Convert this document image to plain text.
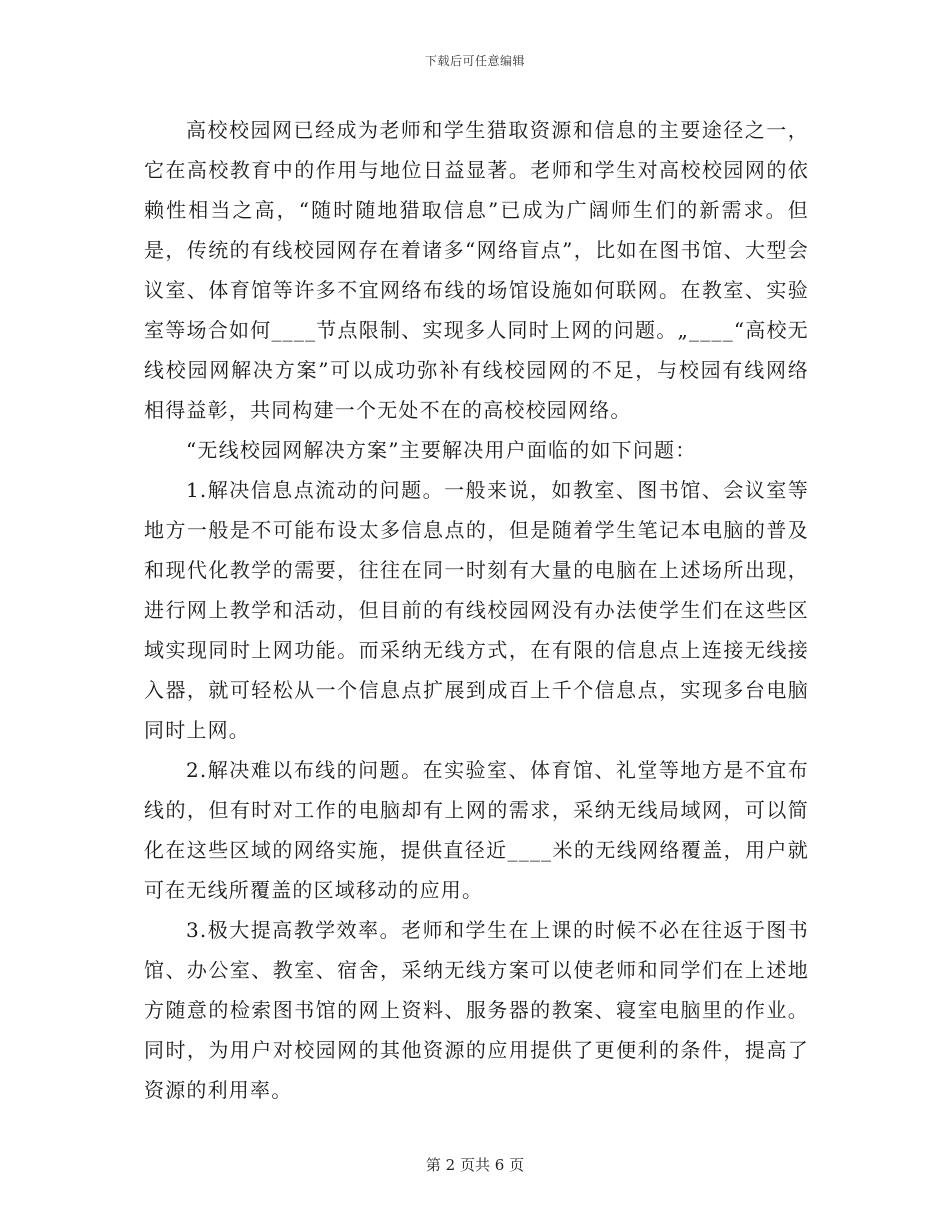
下载后可任意编辑

高校校园网已经成为老师和学生猎取资源和信息的主要途径之一，它在高校教育中的作用与地位日益显著。老师和学生对高校校园网的依赖性相当之高，“随时随地猎取信息”已成为广阔师生们的新需求。但是，传统的有线校园网存在着诸多“网络盲点”，比如在图书馆、大型会议室、体育馆等许多不宜网络布线的场馆设施如何联网。在教室、实验室等场合如何____节点限制、实现多人同时上网的问题。„____“高校无线校园网解决方案”可以成功弥补有线校园网的不足，与校园有线网络相得益彰，共同构建一个无处不在的高校校园网络。

“无线校园网解决方案”主要解决用户面临的如下问题：

1.解决信息点流动的问题。一般来说，如教室、图书馆、会议室等地方一般是不可能布设太多信息点的，但是随着学生笔记本电脑的普及和现代化教学的需要，往往在同一时刻有大量的电脑在上述场所出现，进行网上教学和活动，但目前的有线校园网没有办法使学生们在这些区域实现同时上网功能。而采纳无线方式，在有限的信息点上连接无线接入器，就可轻松从一个信息点扩展到成百上千个信息点，实现多台电脑同时上网。

2.解决难以布线的问题。在实验室、体育馆、礼堂等地方是不宜布线的，但有时对工作的电脑却有上网的需求，采纳无线局域网，可以简化在这些区域的网络实施，提供直径近____米的无线网络覆盖，用户就可在无线所覆盖的区域移动的应用。

3.极大提高教学效率。老师和学生在上课的时候不必在往返于图书馆、办公室、教室、宿舍，采纳无线方案可以使老师和同学们在上述地方随意的检索图书馆的网上资料、服务器的教案、寝室电脑里的作业。同时，为用户对校园网的其他资源的应用提供了更便利的条件，提高了资源的利用率。

第 2 页共 6 页
